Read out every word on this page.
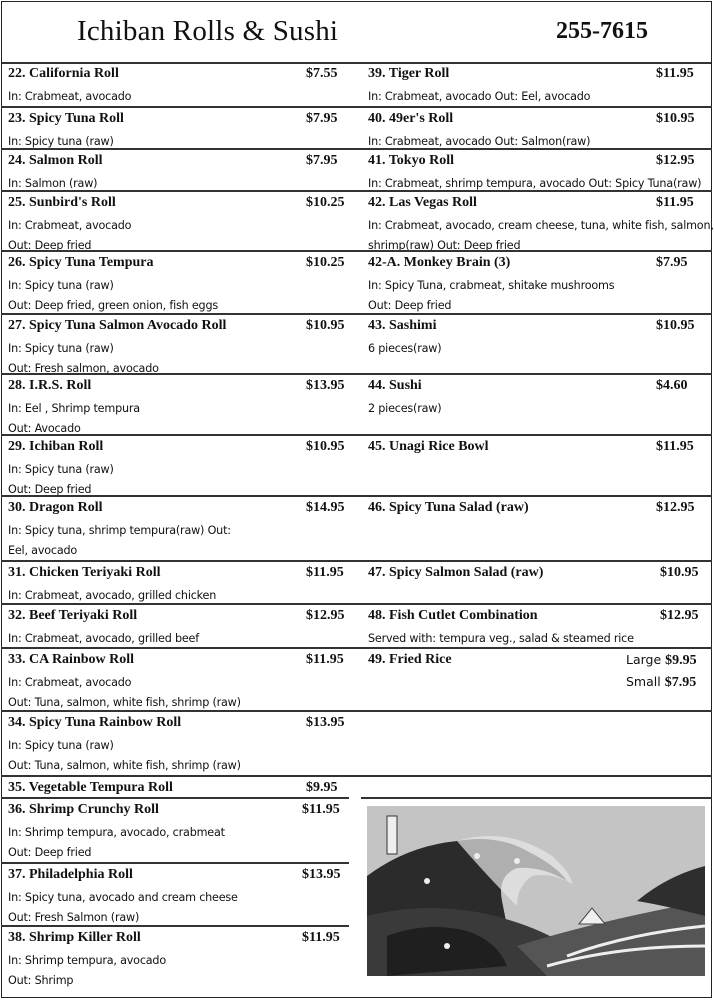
Ichiban Rolls & Sushi	255-7615
22. California Roll	$7.55
In: Crabmeat, avocado
23. Spicy Tuna Roll	$7.95
In: Spicy tuna (raw)
24. Salmon Roll	$7.95
In: Salmon (raw)
25. Sunbird's Roll	$10.25
In: Crabmeat, avocado
Out: Deep fried
26. Spicy Tuna Tempura	$10.25
In: Spicy tuna (raw)
Out: Deep fried, green onion, fish eggs
27. Spicy Tuna Salmon Avocado Roll	$10.95
In: Spicy tuna (raw)
Out: Fresh salmon, avocado
28. I.R.S. Roll	$13.95
In: Eel , Shrimp tempura
Out: Avocado
29. Ichiban Roll	$10.95
In: Spicy tuna (raw)
Out: Deep fried
30. Dragon Roll	$14.95
In: Spicy tuna, shrimp tempura(raw) Out:
Eel, avocado
31. Chicken Teriyaki Roll	$11.95
In: Crabmeat, avocado, grilled chicken
32. Beef Teriyaki Roll	$12.95
In: Crabmeat, avocado, grilled beef
33. CA Rainbow Roll	$11.95
In: Crabmeat, avocado
Out: Tuna, salmon, white fish, shrimp (raw)
34. Spicy Tuna Rainbow Roll	$13.95
In: Spicy tuna (raw)
Out: Tuna, salmon, white fish, shrimp (raw)
35. Vegetable Tempura Roll	$9.95
36. Shrimp Crunchy Roll	$11.95
In: Shrimp tempura, avocado, crabmeat
Out: Deep fried
37. Philadelphia Roll	$13.95
In: Spicy tuna, avocado and cream cheese
Out: Fresh Salmon (raw)
38. Shrimp Killer Roll	$11.95
In: Shrimp tempura, avocado
Out: Shrimp
39. Tiger Roll	$11.95
In: Crabmeat, avocado Out: Eel, avocado
40. 49er's Roll	$10.95
In: Crabmeat, avocado Out: Salmon(raw)
41. Tokyo Roll	$12.95
In: Crabmeat, shrimp tempura, avocado Out: Spicy Tuna(raw)
42. Las Vegas Roll	$11.95
In: Crabmeat, avocado, cream cheese, tuna, white fish, salmon,
shrimp(raw) Out: Deep fried
42-A. Monkey Brain (3)	$7.95
In: Spicy Tuna, crabmeat, shitake mushrooms
Out: Deep fried
43. Sashimi	$10.95
6 pieces(raw)
44. Sushi	$4.60
2 pieces(raw)
45. Unagi Rice Bowl	$11.95
46. Spicy Tuna Salad (raw)	$12.95
47. Spicy Salmon Salad (raw)	$10.95
48. Fish Cutlet Combination	$12.95
Served with: tempura veg., salad & steamed rice
49. Fried Rice	Large $9.95
Small $7.95
